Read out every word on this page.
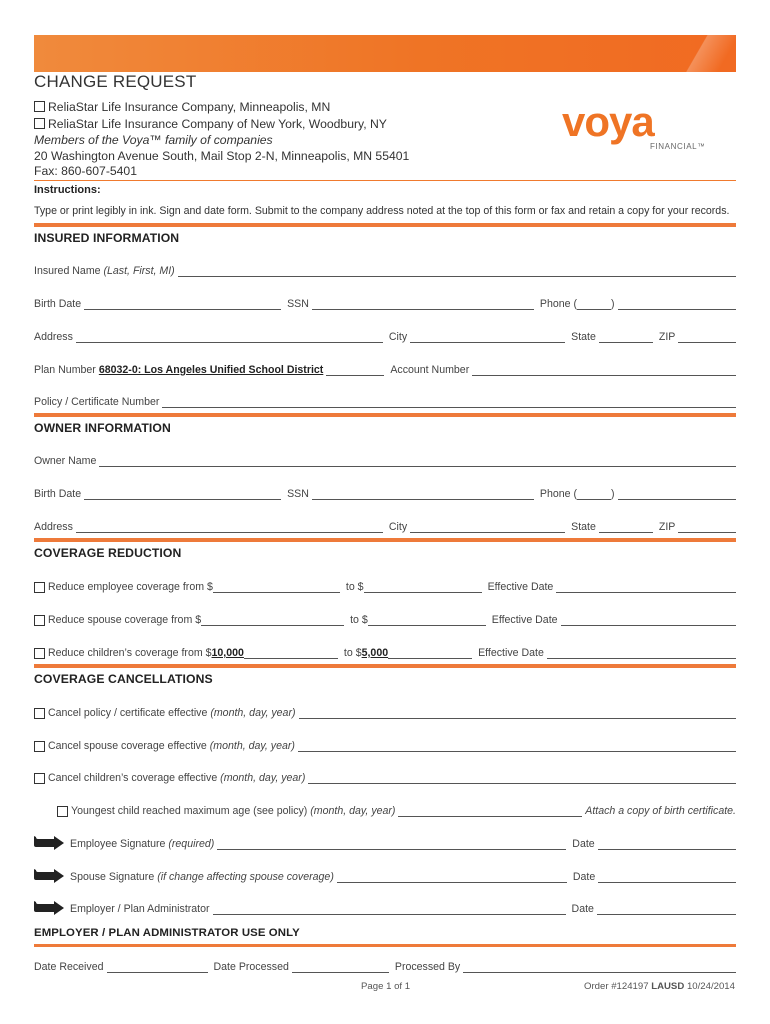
CHANGE REQUEST
ReliaStar Life Insurance Company, Minneapolis, MN
ReliaStar Life Insurance Company of New York, Woodbury, NY
Members of the Voya™ family of companies
20 Washington Avenue South, Mail Stop 2-N, Minneapolis, MN 55401
Fax: 860-607-5401
voya
FINANCIAL™
Instructions:
Type or print legibly in ink. Sign and date form. Submit to the company address noted at the top of this form or fax and retain a copy for your records.
INSURED INFORMATION
Insured Name (Last, First, MI)
Birth Date	SSN	Phone (	)
Address	City	State	ZIP
Plan Number 68032-0: Los Angeles Unified School District	Account Number
Policy / Certificate Number
OWNER INFORMATION
Owner Name
Birth Date	SSN	Phone (	)
Address	City	State	ZIP
COVERAGE REDUCTION
Reduce employee coverage from $	to $	Effective Date
Reduce spouse coverage from $	to $	Effective Date
Reduce children’s coverage from $ 10,000	to $ 5,000	Effective Date
COVERAGE CANCELLATIONS
Cancel policy / certificate effective (month, day, year)
Cancel spouse coverage effective (month, day, year)
Cancel children’s coverage effective (month, day, year)
Youngest child reached maximum age (see policy) (month, day, year)	Attach a copy of birth certificate.
Employee Signature (required)	Date
Spouse Signature (if change affecting spouse coverage)	Date
Employer / Plan Administrator	Date
EMPLOYER / PLAN ADMINISTRATOR USE ONLY
Date Received	Date Processed	Processed By
Page 1 of 1	Order #124197 LAUSD 10/24/2014
